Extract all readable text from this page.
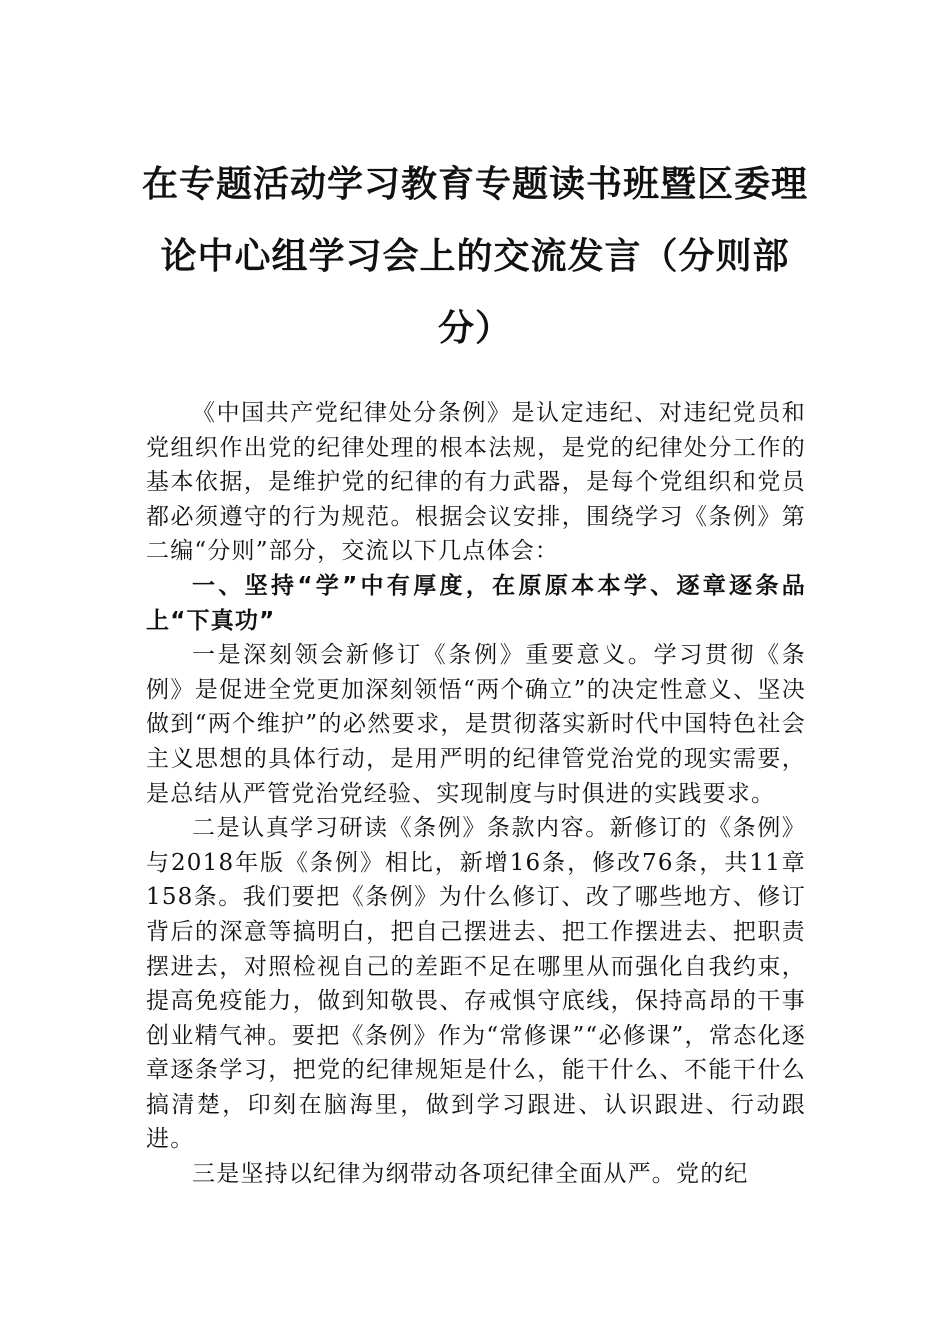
在专题活动学习教育专题读书班暨区委理
论中心组学习会上的交流发言（分则部
分）

《中国共产党纪律处分条例》是认定违纪、对违纪党员和党组织作出党的纪律处理的根本法规，是党的纪律处分工作的基本依据，是维护党的纪律的有力武器，是每个党组织和党员都必须遵守的行为规范。根据会议安排，围绕学习《条例》第二编“分则”部分，交流以下几点体会：

一、坚持“学”中有厚度，在原原本本学、逐章逐条品上“下真功”

一是深刻领会新修订《条例》重要意义。学习贯彻《条例》是促进全党更加深刻领悟“两个确立”的决定性意义、坚决做到“两个维护”的必然要求，是贯彻落实新时代中国特色社会主义思想的具体行动，是用严明的纪律管党治党的现实需要，是总结从严管党治党经验、实现制度与时俱进的实践要求。

二是认真学习研读《条例》条款内容。新修订的《条例》与2018年版《条例》相比，新增16条，修改76条，共11章158条。我们要把《条例》为什么修订、改了哪些地方、修订背后的深意等搞明白，把自己摆进去、把工作摆进去、把职责摆进去，对照检视自己的差距不足在哪里从而强化自我约束，提高免疫能力，做到知敬畏、存戒惧守底线，保持高昂的干事创业精气神。要把《条例》作为“常修课”“必修课”，常态化逐章逐条学习，把党的纪律规矩是什么，能干什么、不能干什么搞清楚，印刻在脑海里，做到学习跟进、认识跟进、行动跟进。

三是坚持以纪律为纲带动各项纪律全面从严。党的纪
